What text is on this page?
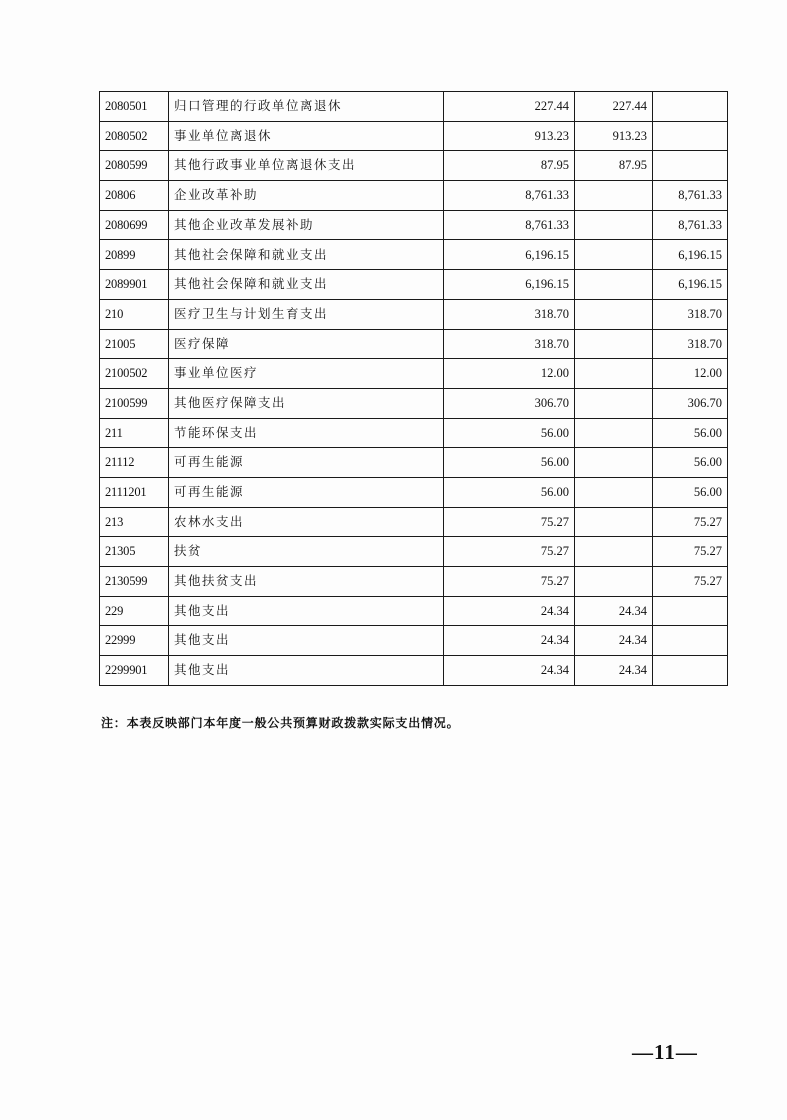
2080501	归口管理的行政单位离退休	227.44	227.44	
2080502	事业单位离退休	913.23	913.23	
2080599	其他行政事业单位离退休支出	87.95	87.95	
20806	企业改革补助	8,761.33		8,761.33
2080699	其他企业改革发展补助	8,761.33		8,761.33
20899	其他社会保障和就业支出	6,196.15		6,196.15
2089901	其他社会保障和就业支出	6,196.15		6,196.15
210	医疗卫生与计划生育支出	318.70		318.70
21005	医疗保障	318.70		318.70
2100502	事业单位医疗	12.00		12.00
2100599	其他医疗保障支出	306.70		306.70
211	节能环保支出	56.00		56.00
21112	可再生能源	56.00		56.00
2111201	可再生能源	56.00		56.00
213	农林水支出	75.27		75.27
21305	扶贫	75.27		75.27
2130599	其他扶贫支出	75.27		75.27
229	其他支出	24.34	24.34	
22999	其他支出	24.34	24.34	
2299901	其他支出	24.34	24.34	
注：本表反映部门本年度一般公共预算财政拨款实际支出情况。
—11—
